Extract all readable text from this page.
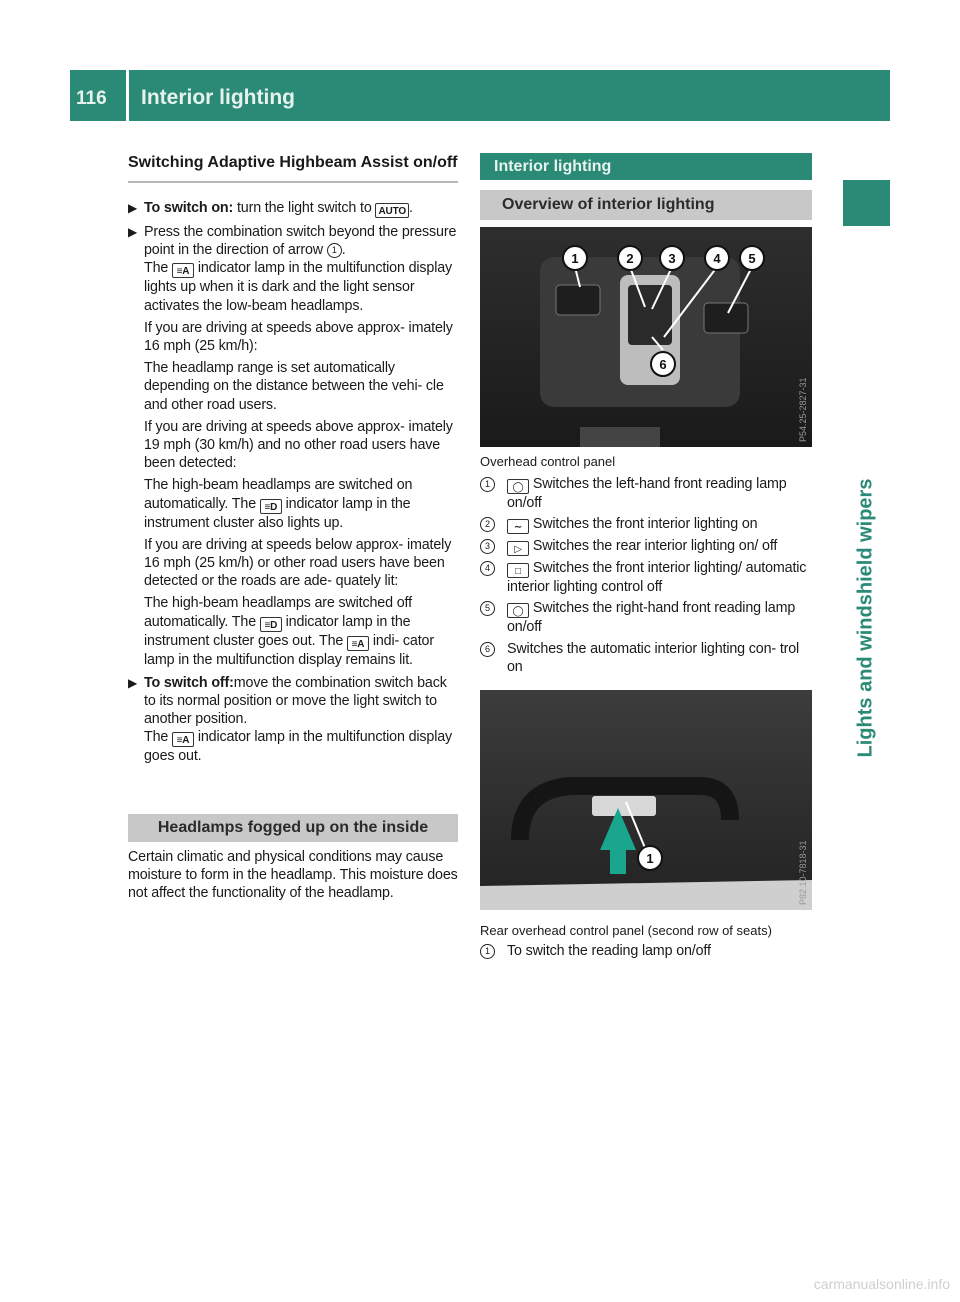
116 Interior lighting
Lights and windshield wipers
Switching Adaptive Highbeam Assist on/off
▶ To switch on: turn the light switch to AUTO .

▶ Press the combination switch beyond the pressure point in the direction of arrow 1 .
The ≡A indicator lamp in the multifunction display lights up when it is dark and the light sensor activates the low-beam headlamps.

If you are driving at speeds above approx- imately 16 mph (25 km/h):

The headlamp range is set automatically depending on the distance between the vehi- cle and other road users.

If you are driving at speeds above approx- imately 19 mph (30 km/h) and no other road users have been detected:

The high-beam headlamps are switched on automatically. The ≡D indicator lamp in the instrument cluster also lights up.

If you are driving at speeds below approx- imately 16 mph (25 km/h) or other road users have been detected or the roads are ade- quately lit:

The high-beam headlamps are switched off automatically. The ≡D indicator lamp in the instrument cluster goes out. The ≡A indi- cator lamp in the multifunction display remains lit.

▶ To switch off:move the combination switch back to its normal position or move the light switch to another position.
The ≡A indicator lamp in the multifunction display goes out.

Headlamps fogged up on the inside

Certain climatic and physical conditions may cause moisture to form in the headlamp. This moisture does not affect the functionality of the headlamp.

Interior lighting
Overview of interior lighting
1	2	3	4 5
6
P54.25-2827-31
Overhead control panel
1	◯ Switches the left-hand front reading lamp on/off

2	∼ Switches the front interior lighting on

3	▷ Switches the rear interior lighting on/ off

4	□ Switches the front interior lighting/ automatic interior lighting control off

5	◯ Switches the right-hand front reading lamp on/off

6	Switches the automatic interior lighting con- trol on

1	P82.10-7818-31
Rear overhead control panel (second row of seats)
1	To switch the reading lamp on/off

carmanualsonline.info
